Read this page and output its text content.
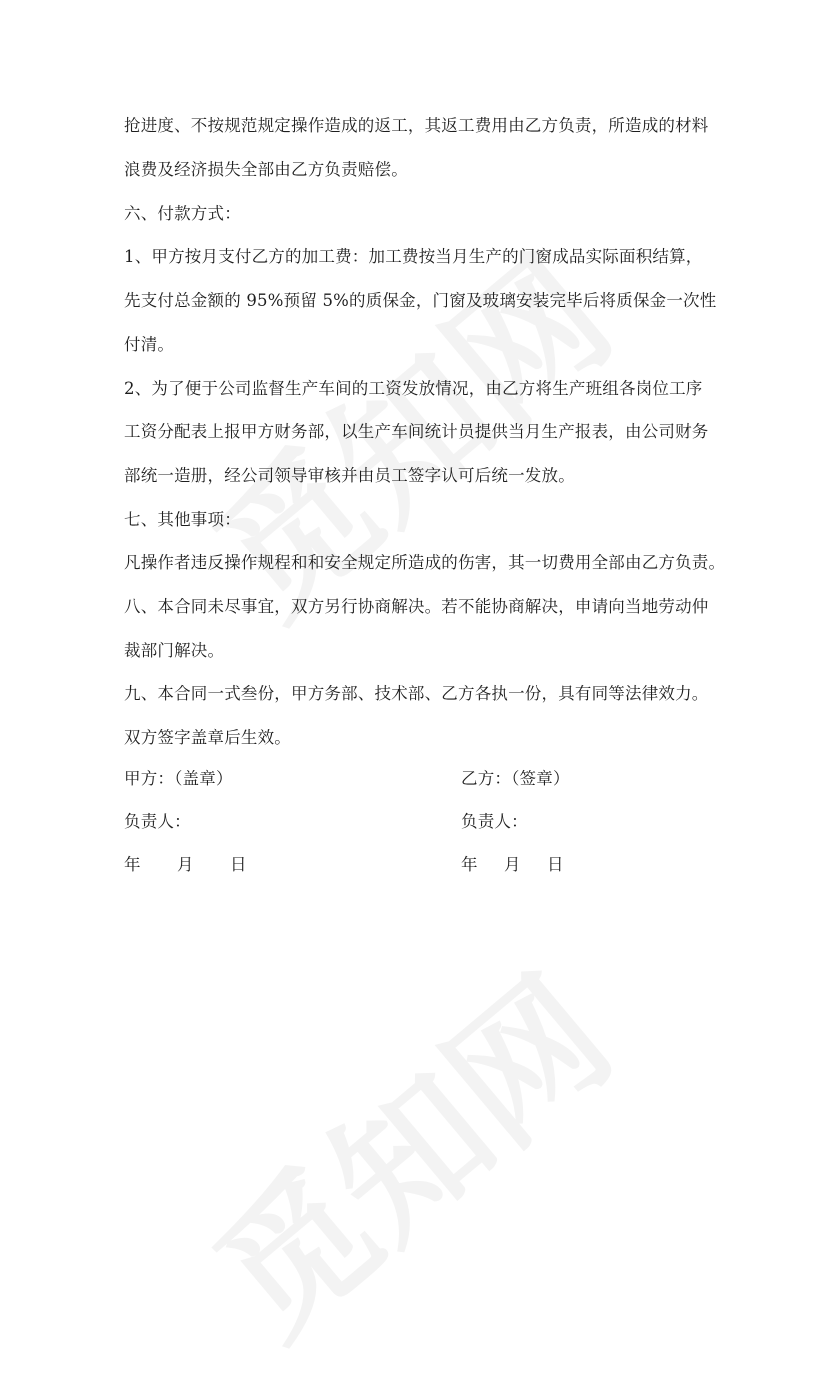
抢进度、不按规范规定操作造成的返工，其返工费用由乙方负责，所造成的材料
浪费及经济损失全部由乙方负责赔偿。
六、付款方式：
1、甲方按月支付乙方的加工费：加工费按当月生产的门窗成品实际面积结算，
先支付总金额的 95%预留 5%的质保金，门窗及玻璃安装完毕后将质保金一次性
付清。
2、为了便于公司监督生产车间的工资发放情况，由乙方将生产班组各岗位工序
工资分配表上报甲方财务部，以生产车间统计员提供当月生产报表，由公司财务
部统一造册，经公司领导审核并由员工签字认可后统一发放。
七、其他事项：
凡操作者违反操作规程和和安全规定所造成的伤害，其一切费用全部由乙方负责。
八、本合同未尽事宜，双方另行协商解决。若不能协商解决，申请向当地劳动仲
裁部门解决。
九、本合同一式叁份，甲方务部、技术部、乙方各执一份，具有同等法律效力。
双方签字盖章后生效。
甲方：（盖章）	乙方：（签章）
负责人：	负责人：
年 月 日	年 月 日
